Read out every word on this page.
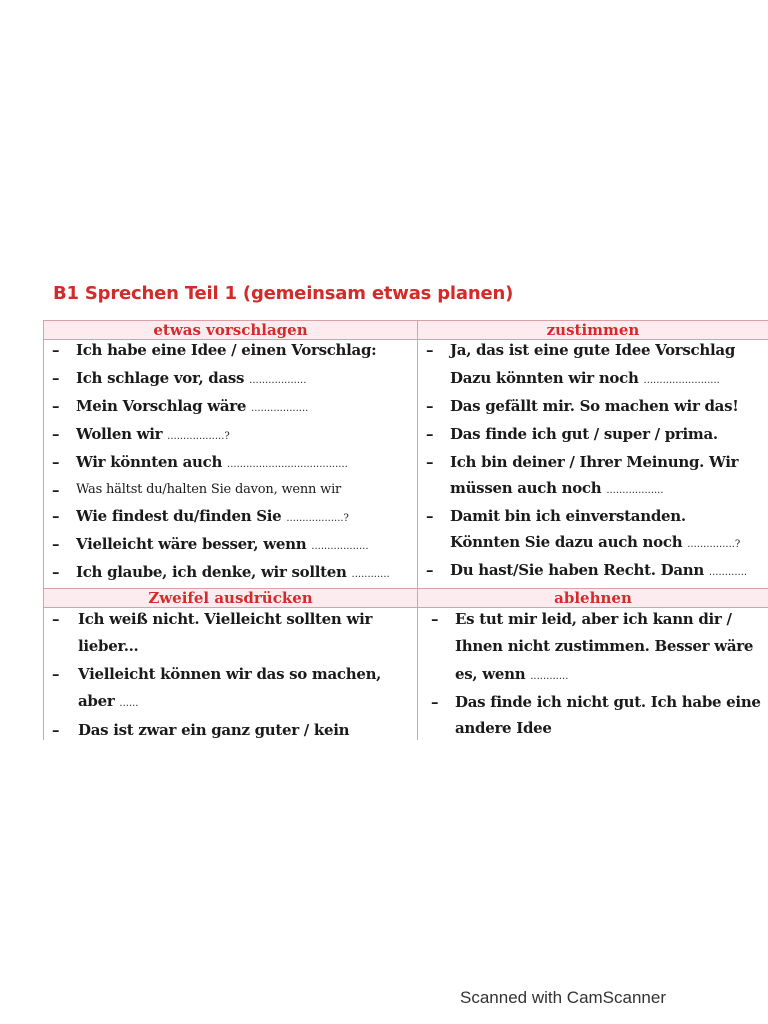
B1 Sprechen Teil 1 (gemeinsam etwas planen)
etwas vorschlagen	zustimmen
Zweifel ausdrücken	ablehnen
– Ich habe eine Idee / einen Vorschlag:
– Ich schlage vor, dass ..................
– Mein Vorschlag wäre ..................
– Wollen wir ..................?
– Wir könnten auch ......................................
– Was hältst du/halten Sie davon, wenn wir
– Wie findest du/finden Sie ..................?
– Vielleicht wäre besser, wenn ..................
– Ich glaube, ich denke, wir sollten ............
– Ja, das ist eine gute Idee Vorschlag
Dazu könnten wir noch ........................
– Das gefällt mir. So machen wir das!
– Das finde ich gut / super / prima.
– Ich bin deiner / Ihrer Meinung. Wir
müssen auch noch ..................
– Damit bin ich einverstanden.
Könnten Sie dazu auch noch ...............?
– Du hast/Sie haben Recht. Dann ............
– Ich weiß nicht. Vielleicht sollten wir
lieber...
– Vielleicht können wir das so machen,
aber ......
– Das ist zwar ein ganz guter / kein
– Es tut mir leid, aber ich kann dir /
Ihnen nicht zustimmen. Besser wäre
es, wenn ............
– Das finde ich nicht gut. Ich habe eine
andere Idee
Scanned with CamScanner
